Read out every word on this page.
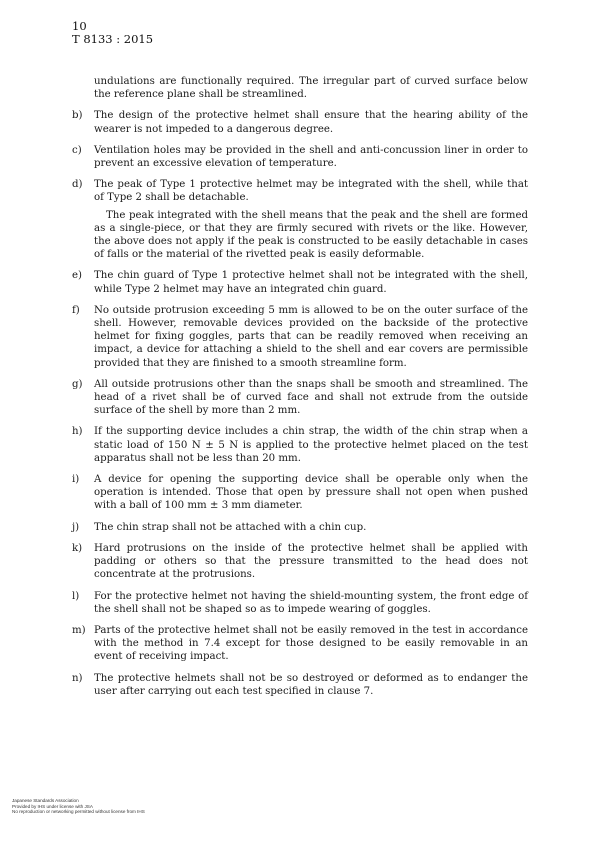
10
T 8133 : 2015

undulations are functionally required. The irregular part of curved surface below the reference plane shall be streamlined.

b)	The design of the protective helmet shall ensure that the hearing ability of the wearer is not impeded to a dangerous degree.

c)	Ventilation holes may be provided in the shell and anti-concussion liner in order to prevent an excessive elevation of temperature.

d)	The peak of Type 1 protective helmet may be integrated with the shell, while that of Type 2 shall be detachable.

The peak integrated with the shell means that the peak and the shell are formed as a single-piece, or that they are firmly secured with rivets or the like. However, the above does not apply if the peak is constructed to be easily detachable in cases of falls or the material of the rivetted peak is easily deformable.

e)	The chin guard of Type 1 protective helmet shall not be integrated with the shell, while Type 2 helmet may have an integrated chin guard.

f)	No outside protrusion exceeding 5 mm is allowed to be on the outer surface of the shell. However, removable devices provided on the backside of the protective helmet for fixing goggles, parts that can be readily removed when receiving an impact, a device for attaching a shield to the shell and ear covers are permissible provided that they are finished to a smooth streamline form.

g)	All outside protrusions other than the snaps shall be smooth and streamlined. The head of a rivet shall be of curved face and shall not extrude from the outside surface of the shell by more than 2 mm.

h)	If the supporting device includes a chin strap, the width of the chin strap when a static load of 150 N ± 5 N is applied to the protective helmet placed on the test apparatus shall not be less than 20 mm.

i)	A device for opening the supporting device shall be operable only when the operation is intended. Those that open by pressure shall not open when pushed with a ball of 100 mm ± 3 mm diameter.

j)	The chin strap shall not be attached with a chin cup.

k)	Hard protrusions on the inside of the protective helmet shall be applied with padding or others so that the pressure transmitted to the head does not concentrate at the protrusions.

l)	For the protective helmet not having the shield-mounting system, the front edge of the shell shall not be shaped so as to impede wearing of goggles.

m) Parts of the protective helmet shall not be easily removed in the test in accordance with the method in 7.4 except for those designed to be easily removable in an event of receiving impact.

n)	The protective helmets shall not be so destroyed or deformed as to endanger the user after carrying out each test specified in clause 7.

Japanese Standards Association
Provided by IHS under license with JSA
No reproduction or networking permitted without license from IHS
